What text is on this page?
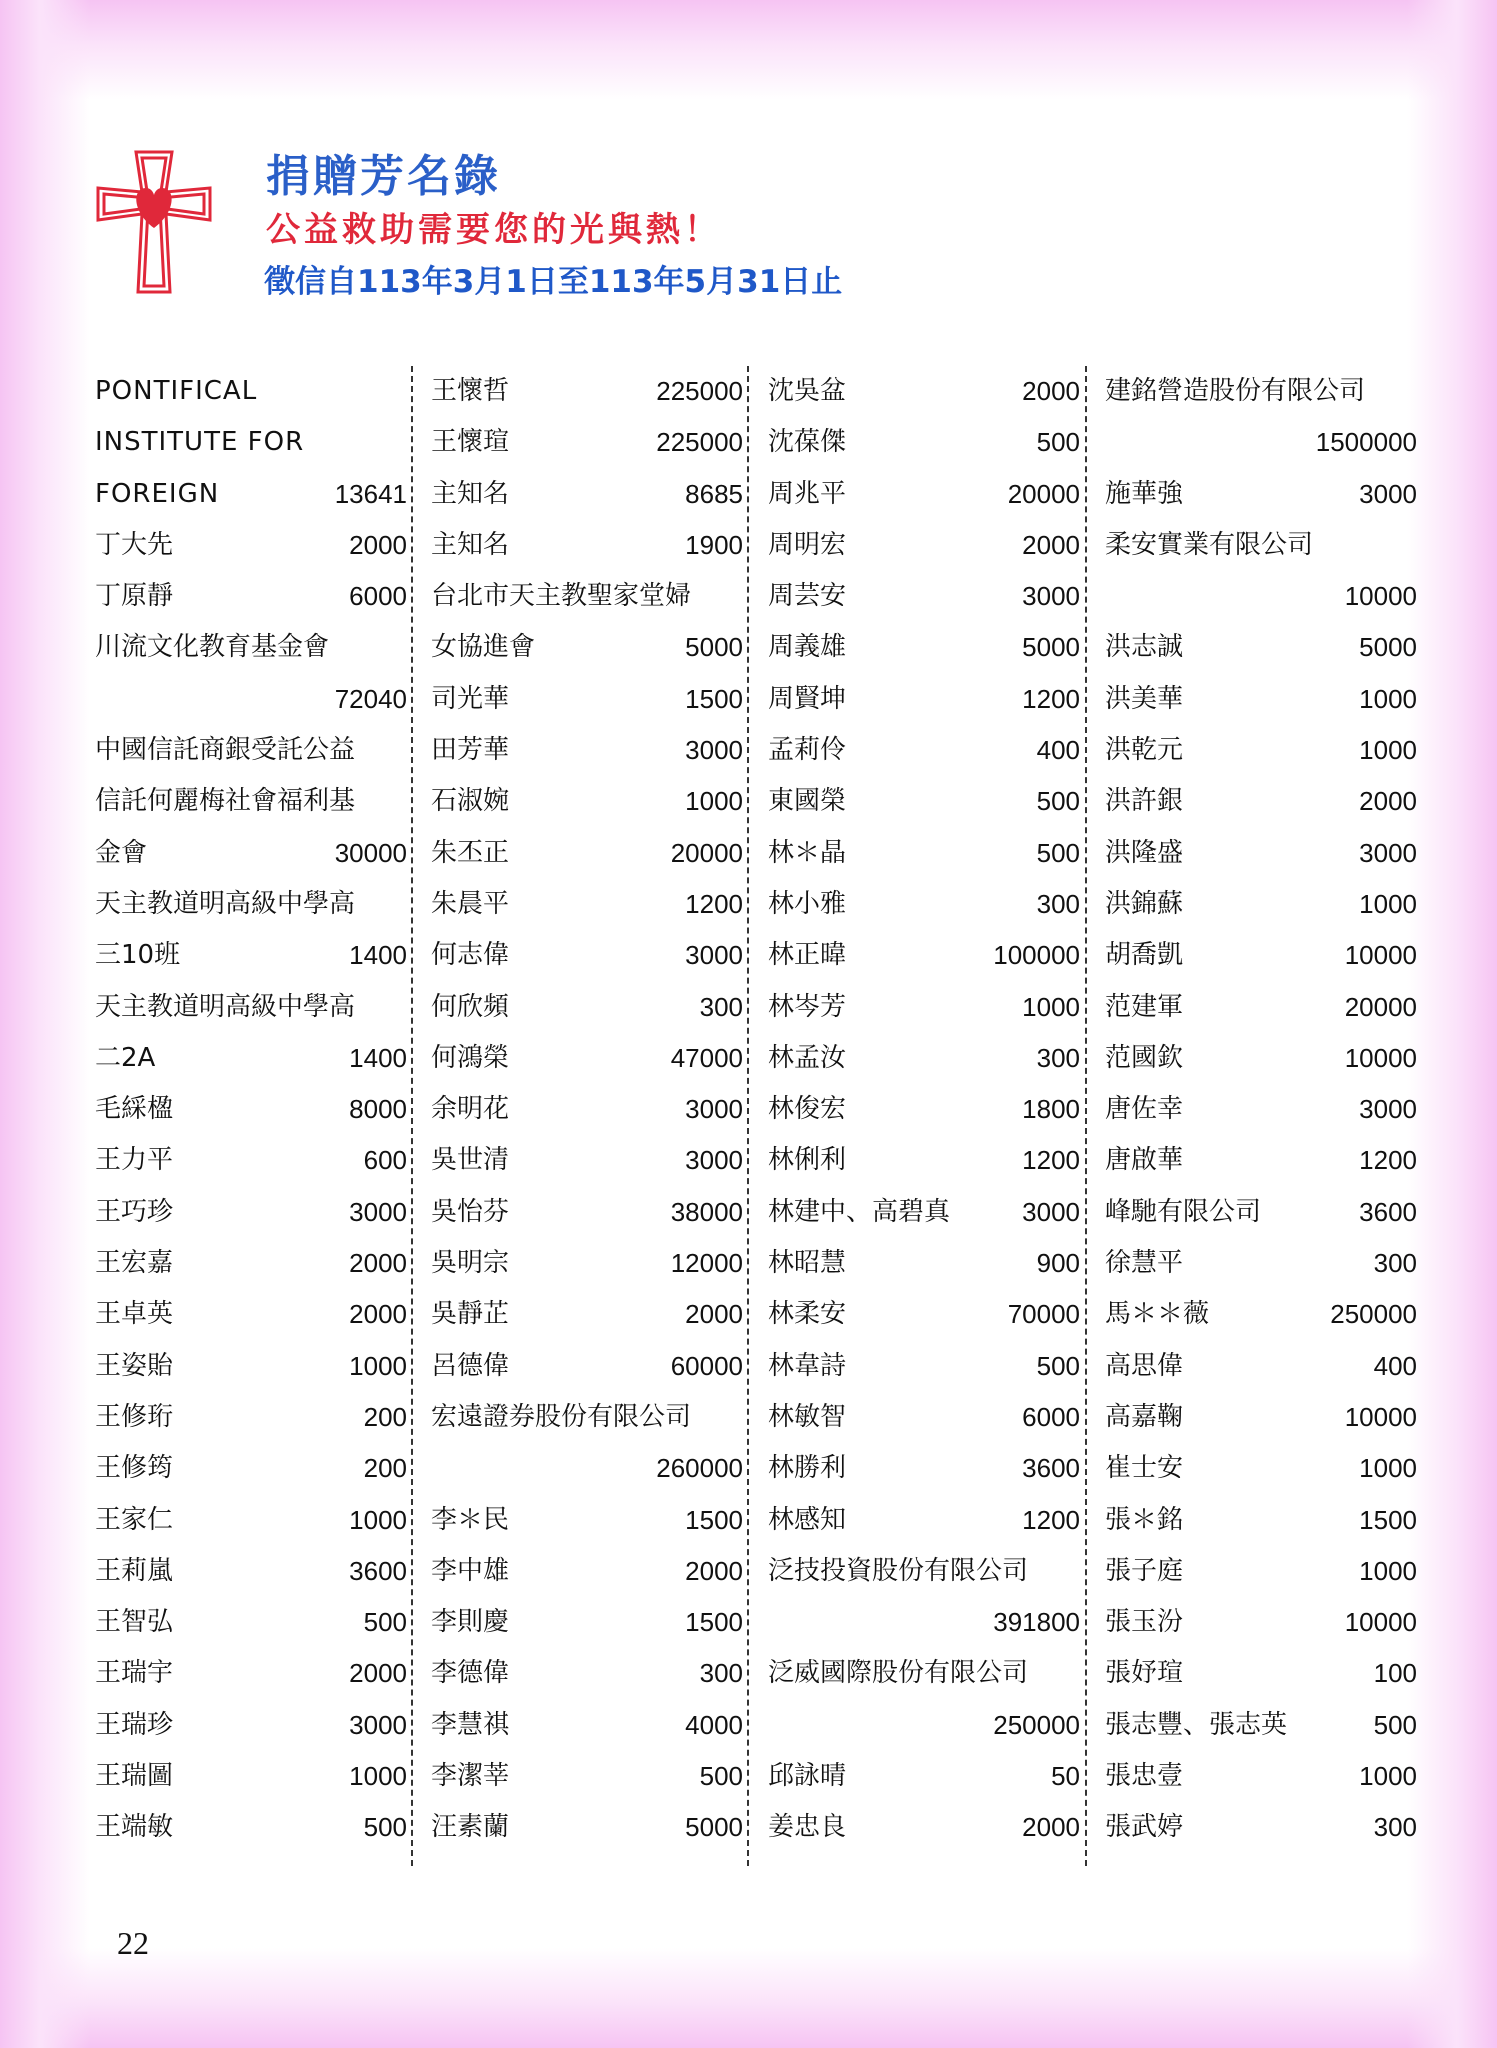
捐贈芳名錄

公益救助需要您的光與熱！

徵信自113年3月1日至113年5月31日止

PONTIFICAL
INSTITUTE FOR
FOREIGN	13641
丁大先	2000
丁原靜	6000
川流文化教育基金會
72040
中國信託商銀受託公益
信託何麗梅社會福利基
金會	30000
天主教道明高級中學高
三10班	1400
天主教道明高級中學高
二2A	1400
毛綵楹	8000
王力平	600
王巧珍	3000
王宏嘉	2000
王卓英	2000
王姿貽	1000
王修珩	200
王修筠	200
王家仁	1000
王莉嵐	3600
王智弘	500
王瑞宇	2000
王瑞珍	3000
王瑞圖	1000
王端敏	500
王懷哲	225000
王懷瑄	225000
主知名	8685
主知名	1900
台北市天主教聖家堂婦
女協進會	5000
司光華	1500
田芳華	3000
石淑婉	1000
朱丕正	20000
朱晨平	1200
何志偉	3000
何欣頻	300
何鴻榮	47000
余明花	3000
吳世清	3000
吳怡芬	38000
吳明宗	12000
吳靜芷	2000
呂德偉	60000
宏遠證券股份有限公司
260000
李＊民	1500
李中雄	2000
李則慶	1500
李德偉	300
李慧祺	4000
李潔莘	500
汪素蘭	5000
沈吳盆	2000
沈葆傑	500
周兆平	20000
周明宏	2000
周芸安	3000
周義雄	5000
周賢坤	1200
孟莉伶	400
東國榮	500
林＊晶	500
林小雅	300
林正暐	100000
林岑芳	1000
林孟汝	300
林俊宏	1800
林俐利	1200
林建中、高碧真	3000
林昭慧	900
林柔安	70000
林韋詩	500
林敏智	6000
林勝利	3600
林感知	1200
泛技投資股份有限公司
391800
泛威國際股份有限公司
250000
邱詠晴	50
姜忠良	2000
建銘營造股份有限公司
1500000
施華強	3000
柔安實業有限公司
10000
洪志誠	5000
洪美華	1000
洪乾元	1000
洪許銀	2000
洪隆盛	3000
洪錦蘇	1000
胡喬凱	10000
范建軍	20000
范國欽	10000
唐佐幸	3000
唐啟華	1200
峰馳有限公司	3600
徐慧平	300
馬＊＊薇	250000
高思偉	400
高嘉鞠	10000
崔士安	1000
張＊銘	1500
張子庭	1000
張玉汾	10000
張妤瑄	100
張志豐、張志英	500
張忠壹	1000
張武婷	300

22
